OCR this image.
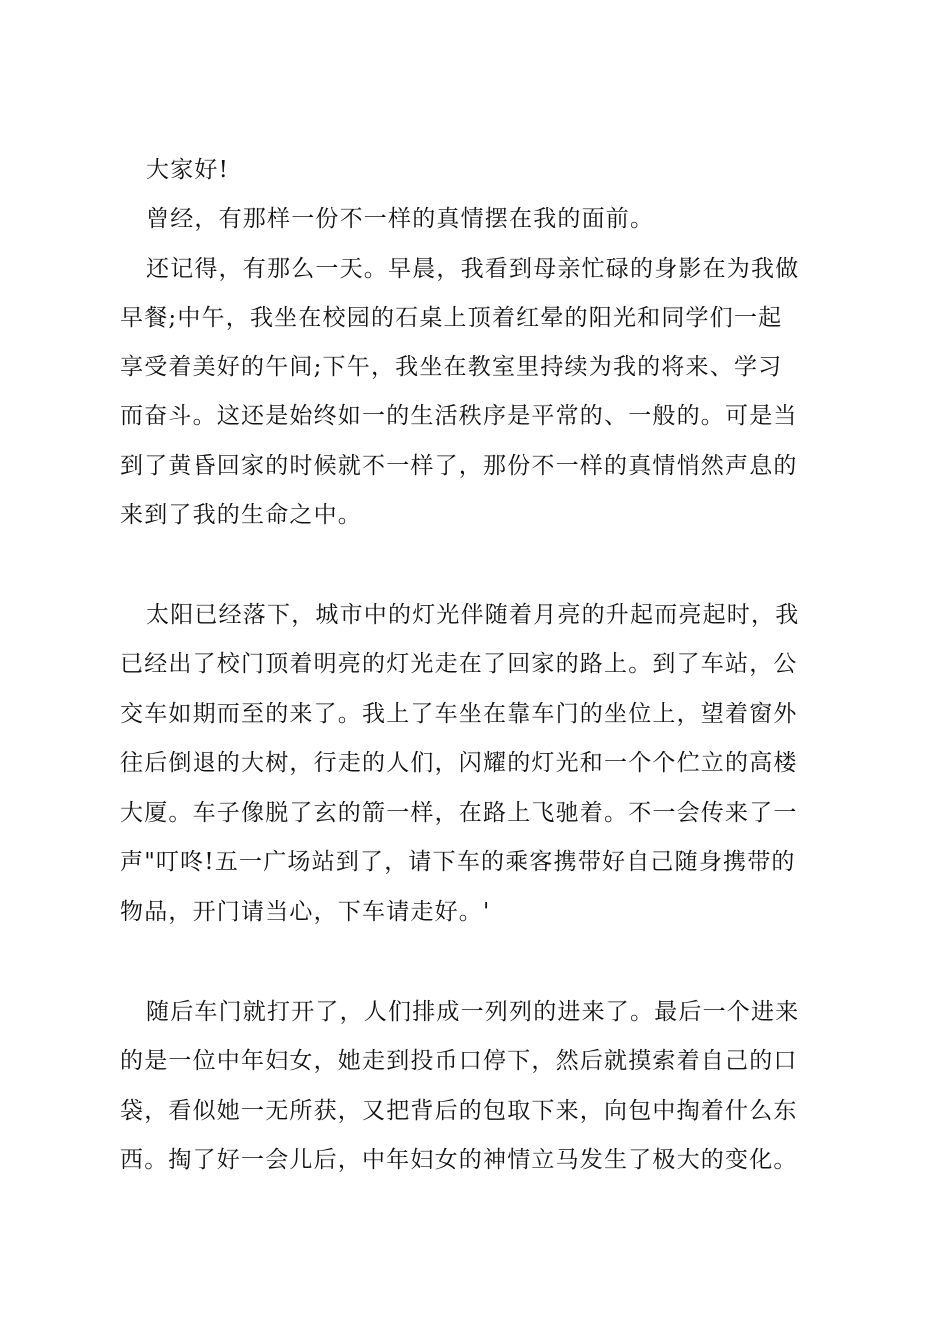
大家好!
曾经，有那样一份不一样的真情摆在我的面前。
还记得，有那么一天。早晨，我看到母亲忙碌的身影在为我做
早餐;中午，我坐在校园的石桌上顶着红晕的阳光和同学们一起
享受着美好的午间;下午，我坐在教室里持续为我的将来、学习
而奋斗。这还是始终如一的生活秩序是平常的、一般的。可是当
到了黄昏回家的时候就不一样了，那份不一样的真情悄然声息的
来到了我的生命之中。
太阳已经落下，城市中的灯光伴随着月亮的升起而亮起时，我
已经出了校门顶着明亮的灯光走在了回家的路上。到了车站，公
交车如期而至的来了。我上了车坐在靠车门的坐位上，望着窗外
往后倒退的大树，行走的人们，闪耀的灯光和一个个伫立的高楼
大厦。车子像脱了玄的箭一样，在路上飞驰着。不一会传来了一
声"叮咚!五一广场站到了，请下车的乘客携带好自己随身携带的
物品，开门请当心，下车请走好。'
随后车门就打开了，人们排成一列列的进来了。最后一个进来
的是一位中年妇女，她走到投币口停下，然后就摸索着自己的口
袋，看似她一无所获，又把背后的包取下来，向包中掏着什么东
西。掏了好一会儿后，中年妇女的神情立马发生了极大的变化。
